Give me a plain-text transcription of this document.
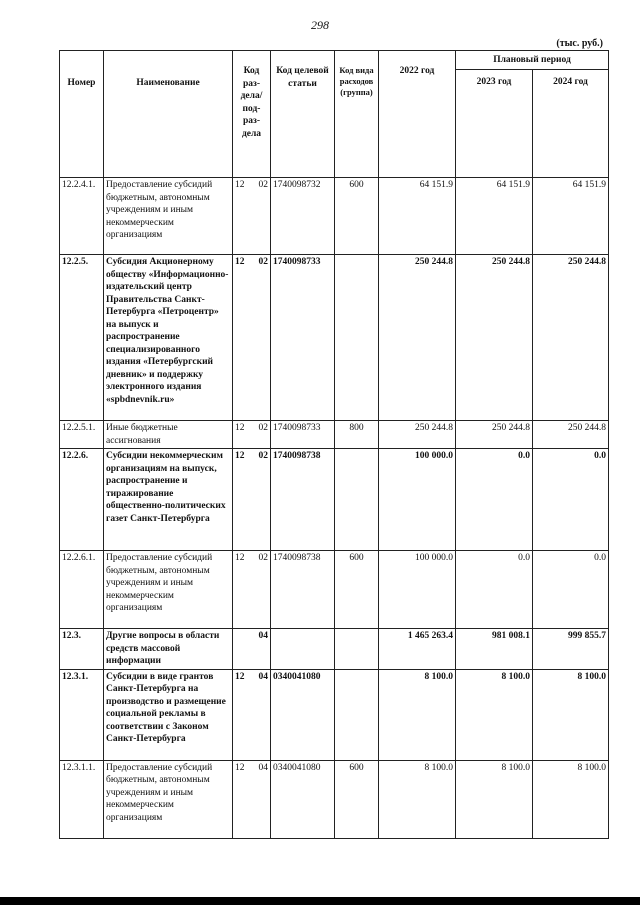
298
(тыс. руб.)
Номер	Наименование	Код раз-дела/ под-раз-дела	Код целевой статьи	Код вида расходов (группа)	2022 год	Плановый период	
						2023 год	2024 год
12.2.4.1.	Предоставление субсидий бюджетным, автономным учреждениям и иным некоммерческим организациям	12 02	1740098732	600	64 151.9	64 151.9	64 151.9
12.2.5.	Субсидия Акционерному обществу «Информационно-издательский центр Правительства Санкт-Петербурга «Петроцентр» на выпуск и распространение специализированного издания «Петербургский дневник» и поддержку электронного издания «spbdnevnik.ru»	12 02	1740098733		250 244.8	250 244.8	250 244.8
12.2.5.1.	Иные бюджетные ассигнования	12 02	1740098733	800	250 244.8	250 244.8	250 244.8
12.2.6.	Субсидии некоммерческим организациям на выпуск, распространение и тиражирование общественно-политических газет Санкт-Петербурга	12 02	1740098738		100 000.0	0.0	0.0
12.2.6.1.	Предоставление субсидий бюджетным, автономным учреждениям и иным некоммерческим организациям	12 02	1740098738	600	100 000.0	0.0	0.0
12.3.	Другие вопросы в области средств массовой информации	04			1 465 263.4	981 008.1	999 855.7
12.3.1.	Субсидии в виде грантов Санкт-Петербурга на производство и размещение социальной рекламы в соответствии с Законом Санкт-Петербурга	12 04	0340041080		8 100.0	8 100.0	8 100.0
12.3.1.1.	Предоставление субсидий бюджетным, автономным учреждениям и иным некоммерческим организациям	12 04	0340041080	600	8 100.0	8 100.0	8 100.0
